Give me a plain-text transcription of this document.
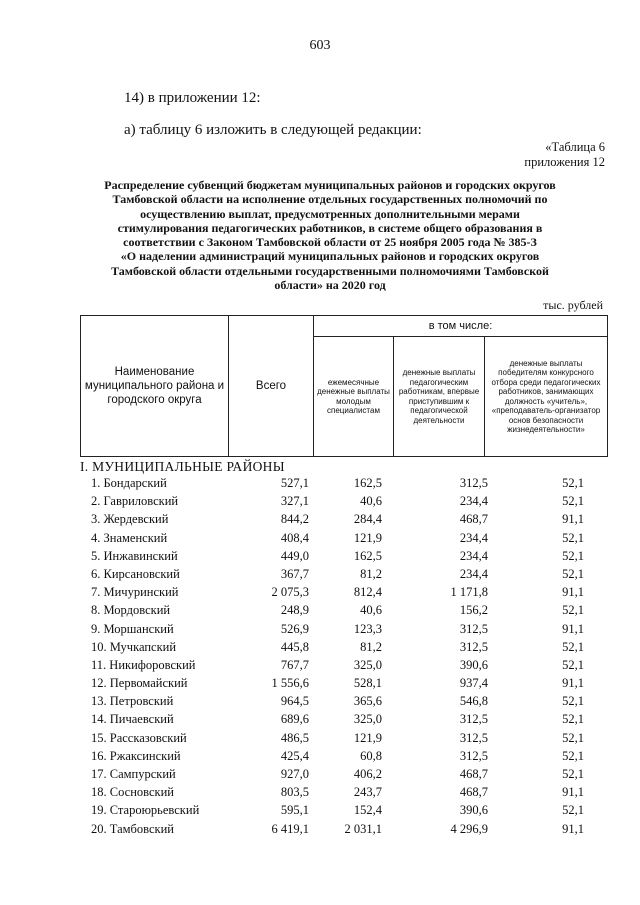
603
14) в приложении 12:
а) таблицу 6 изложить в следующей редакции:
«Таблица 6
приложения 12
Распределение субвенций бюджетам муниципальных районов и городских округов
Тамбовской области на исполнение отдельных государственных полномочий по
осуществлению выплат, предусмотренных дополнительными мерами
стимулирования педагогических работников, в системе общего образования в
соответствии с Законом Тамбовской области от 25 ноября 2005 года № 385-З
«О наделении администраций муниципальных районов и городских округов
Тамбовской области отдельными государственными полномочиями Тамбовской
области» на 2020 год
тыс. рублей
Наименование муниципального района и городского округа	Всего	в том числе:		
		ежемесячные денежные выплаты молодым специалистам	денежные выплаты педагогическим работникам, впервые приступившим к педагогической деятельности	денежные выплаты победителям конкурсного отбора среди педагогических работников, занимающих должность «учитель», «преподаватель-организатор основ безопасности жизнедеятельности»
I. МУНИЦИПАЛЬНЫЕ РАЙОНЫ
1. Бондарский	527,1	162,5	312,5	52,1
2. Гавриловский	327,1	40,6	234,4	52,1
3. Жердевский	844,2	284,4	468,7	91,1
4. Знаменский	408,4	121,9	234,4	52,1
5. Инжавинский	449,0	162,5	234,4	52,1
6. Кирсановский	367,7	81,2	234,4	52,1
7. Мичуринский	2 075,3	812,4	1 171,8	91,1
8. Мордовский	248,9	40,6	156,2	52,1
9. Моршанский	526,9	123,3	312,5	91,1
10. Мучкапский	445,8	81,2	312,5	52,1
11. Никифоровский	767,7	325,0	390,6	52,1
12. Первомайский	1 556,6	528,1	937,4	91,1
13. Петровский	964,5	365,6	546,8	52,1
14. Пичаевский	689,6	325,0	312,5	52,1
15. Рассказовский	486,5	121,9	312,5	52,1
16. Ржаксинский	425,4	60,8	312,5	52,1
17. Сампурский	927,0	406,2	468,7	52,1
18. Сосновский	803,5	243,7	468,7	91,1
19. Староюрьевский	595,1	152,4	390,6	52,1
20. Тамбовский	6 419,1	2 031,1	4 296,9	91,1
